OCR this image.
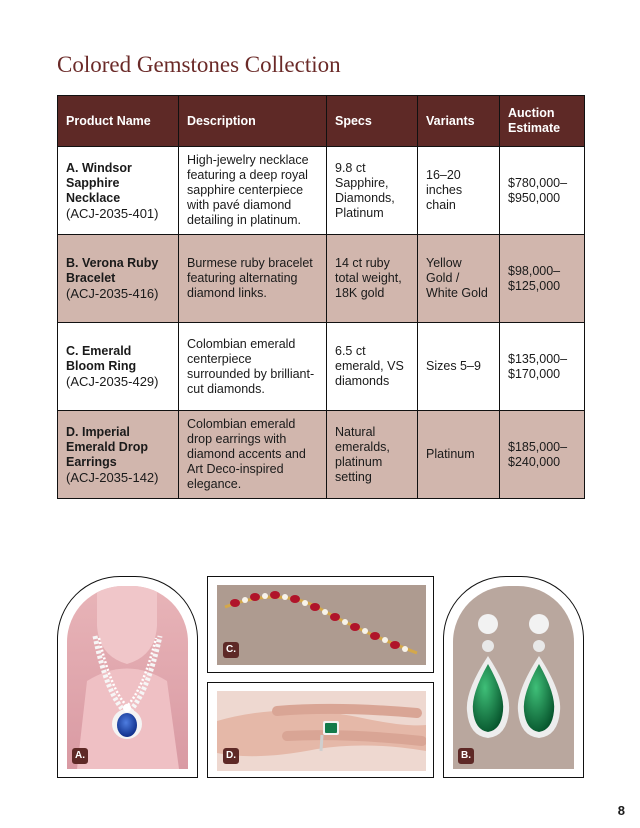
Colored Gemstones Collection
Product Name	Description	Specs	Variants	Auction Estimate

A. Windsor Sapphire Necklace
(ACJ-2035-401)	High-jewelry necklace featuring a deep royal sapphire centerpiece with pavé diamond detailing in platinum.	9.8 ct Sapphire, Diamonds, Platinum	16–20 inches chain	$780,000–$950,000

B. Verona Ruby Bracelet
(ACJ-2035-416)	Burmese ruby bracelet featuring alternating diamond links.	14 ct ruby total weight, 18K gold	Yellow Gold / White Gold	$98,000–$125,000

C. Emerald Bloom Ring
(ACJ-2035-429)	Colombian emerald centerpiece surrounded by brilliant-cut diamonds.	6.5 ct emerald, VS diamonds	Sizes 5–9	$135,000–$170,000

D. Imperial Emerald Drop Earrings
(ACJ-2035-142)	Colombian emerald drop earrings with diamond accents and Art Deco-inspired elegance.	Natural emeralds, platinum setting	Platinum	$185,000–$240,000
A.
C.
D.	B.
8
